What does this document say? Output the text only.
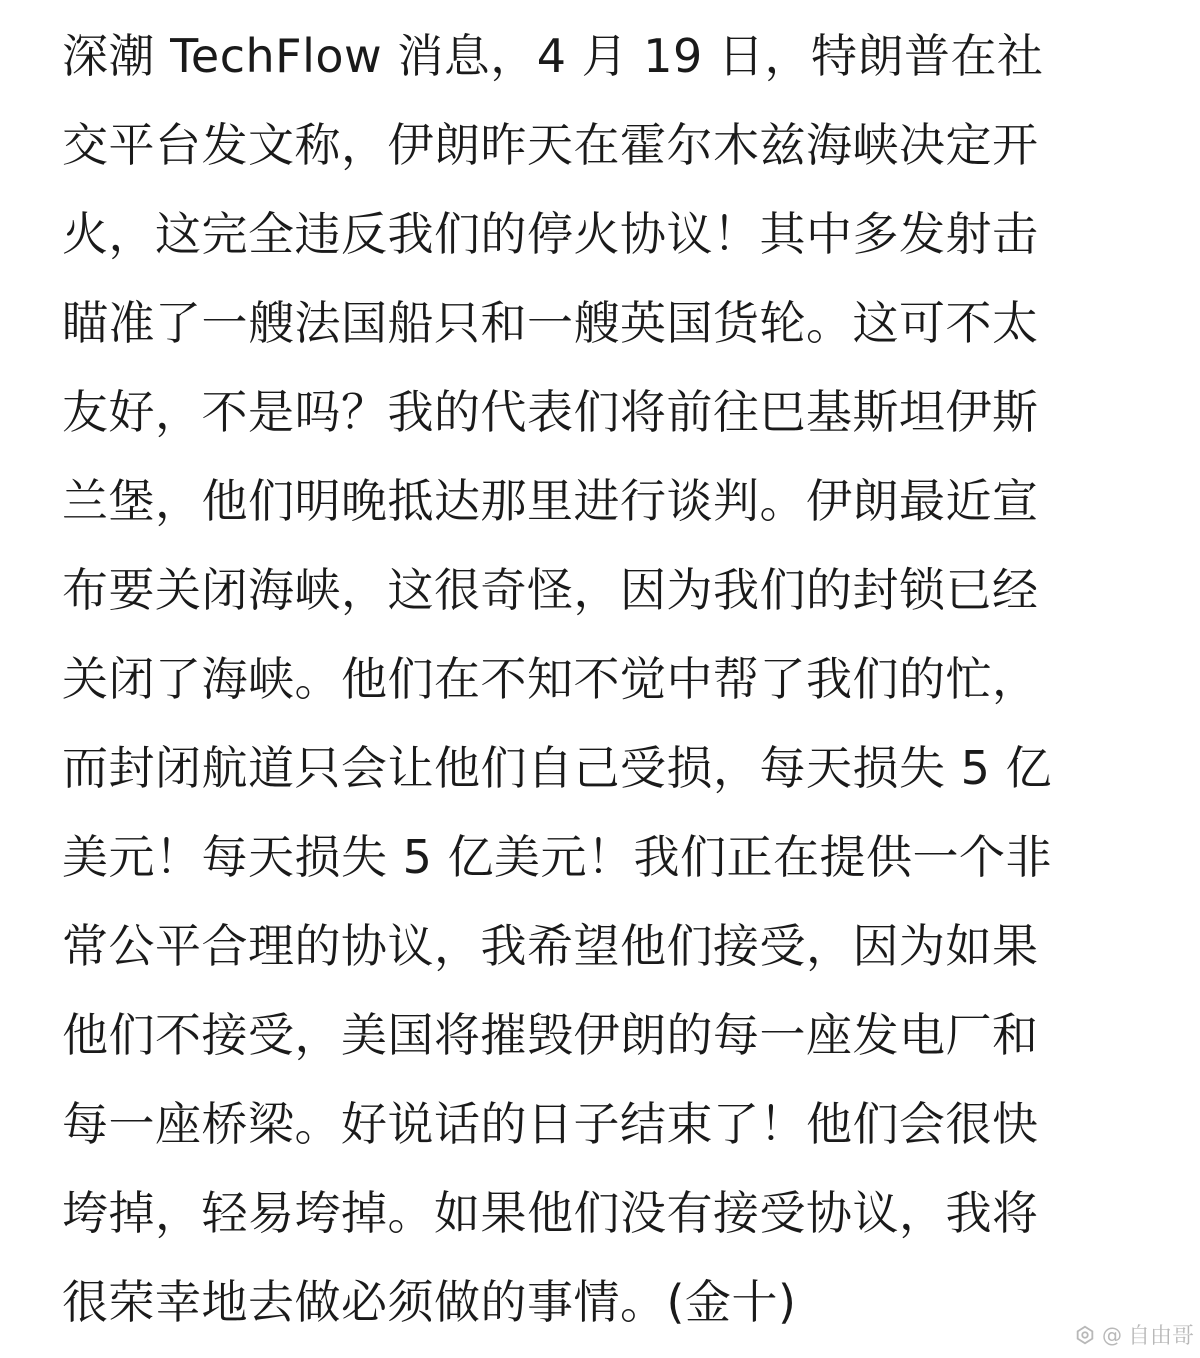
深潮 TechFlow 消息，4 月 19 日，特朗普在社
交平台发文称，伊朗昨天在霍尔木兹海峡决定开
火，这完全违反我们的停火协议！其中多发射击
瞄准了一艘法国船只和一艘英国货轮。这可不太
友好，不是吗？我的代表们将前往巴基斯坦伊斯
兰堡，他们明晚抵达那里进行谈判。伊朗最近宣
布要关闭海峡，这很奇怪，因为我们的封锁已经
关闭了海峡。他们在不知不觉中帮了我们的忙，
而封闭航道只会让他们自己受损，每天损失 5 亿
美元！每天损失 5 亿美元！我们正在提供一个非
常公平合理的协议，我希望他们接受，因为如果
他们不接受，美国将摧毁伊朗的每一座发电厂和
每一座桥梁。好说话的日子结束了！他们会很快
垮掉，轻易垮掉。如果他们没有接受协议，我将
很荣幸地去做必须做的事情。(金十)
@ 自由哥
